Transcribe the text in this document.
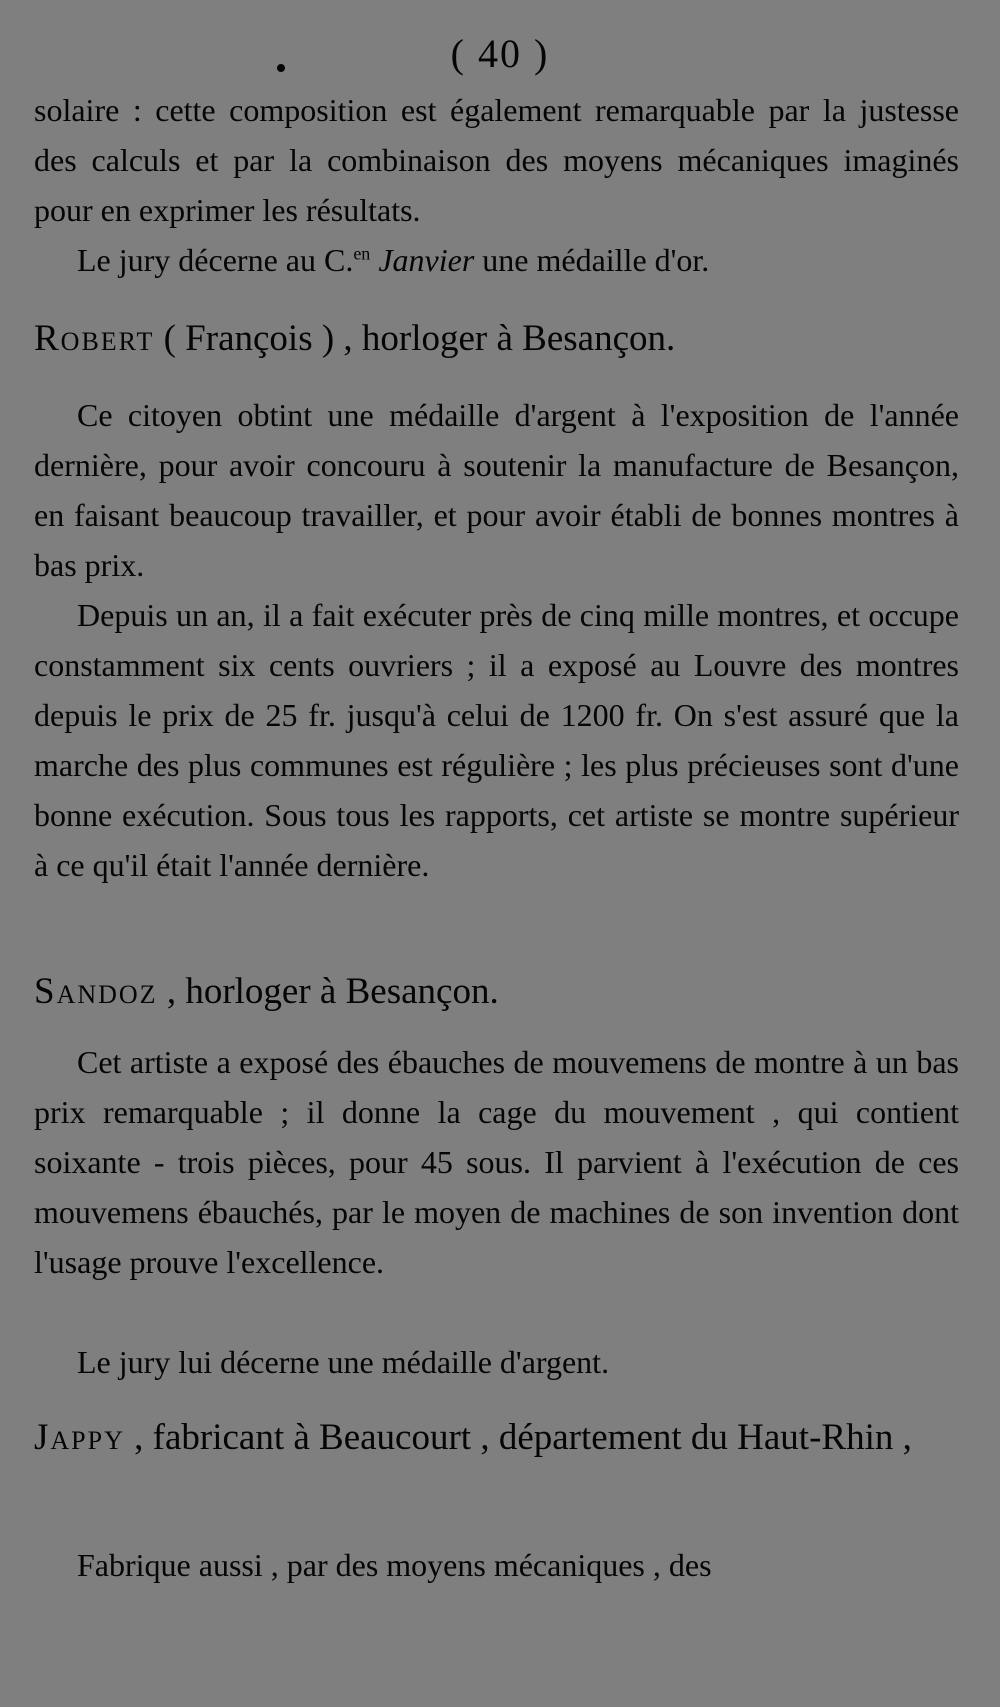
( 40 )

solaire : cette composition est également remarquable par la justesse des calculs et par la combinaison des moyens mécaniques imaginés pour en exprimer les résultats.

Le jury décerne au C.$^{en}$ Janvier une médaille d'or.

Robert ( François ) , horloger à Besançon.

Ce citoyen obtint une médaille d'argent à l'exposition de l'année dernière, pour avoir concouru à soutenir la manufacture de Besançon, en faisant beaucoup travailler, et pour avoir établi de bonnes montres à bas prix.

Depuis un an, il a fait exécuter près de cinq mille montres, et occupe constamment six cents ouvriers ; il a exposé au Louvre des montres depuis le prix de 25 fr. jusqu'à celui de 1200 fr. On s'est assuré que la marche des plus communes est régulière ; les plus précieuses sont d'une bonne exécution. Sous tous les rapports, cet artiste se montre supérieur à ce qu'il était l'année dernière.

Sandoz , horloger à Besançon.

Cet artiste a exposé des ébauches de mouvemens de montre à un bas prix remarquable ; il donne la cage du mouvement , qui contient soixante - trois pièces, pour 45 sous. Il parvient à l'exécution de ces mouvemens ébauchés, par le moyen de machines de son invention dont l'usage prouve l'excellence.

Le jury lui décerne une médaille d'argent.

Jappy , fabricant à Beaucourt , département du Haut-Rhin ,

Fabrique aussi , par des moyens mécaniques , des
